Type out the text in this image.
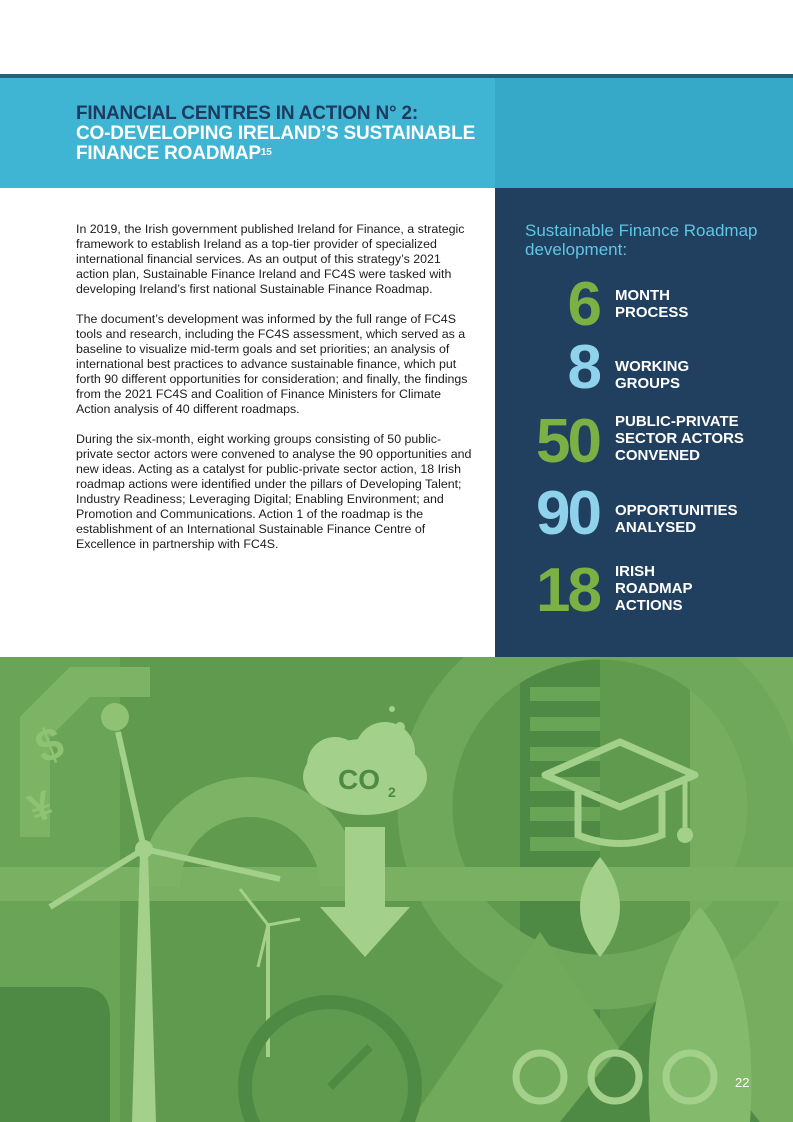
FINANCIAL CENTRES IN ACTION N° 2:
CO-DEVELOPING IRELAND’S SUSTAINABLE
FINANCE ROADMAP$^{15}$

In 2019, the Irish government published Ireland for Finance, a strategic framework to establish Ireland as a top-tier provider of specialized international financial services. As an output of this strategy’s 2021 action plan, Sustainable Finance Ireland and FC4S were tasked with developing Ireland’s first national Sustainable Finance Roadmap.

The document’s development was informed by the full range of FC4S tools and research, including the FC4S assessment, which served as a baseline to visualize mid-term goals and set priorities; an analysis of international best practices to advance sustainable finance, which put forth 90 different opportunities for consideration; and finally, the findings from the 2021 FC4S and Coalition of Finance Ministers for Climate Action analysis of 40 different roadmaps.

During the six-month, eight working groups consisting of 50 public-private sector actors were convened to analyse the 90 opportunities and new ideas. Acting as a catalyst for public-private sector action, 18 Irish roadmap actions were identified under the pillars of Developing Talent; Industry Readiness; Leveraging Digital; Enabling Environment; and Promotion and Communications. Action 1 of the roadmap is the establishment of an International Sustainable Finance Centre of Excellence in partnership with FC4S.

Sustainable Finance Roadmap development:
6 MONTH PROCESS
8 WORKING GROUPS
50 PUBLIC-PRIVATE SECTOR ACTORS CONVENED
90 OPPORTUNITIES ANALYSED
18 IRISH ROADMAP ACTIONS
$
¥
CO 2
22
